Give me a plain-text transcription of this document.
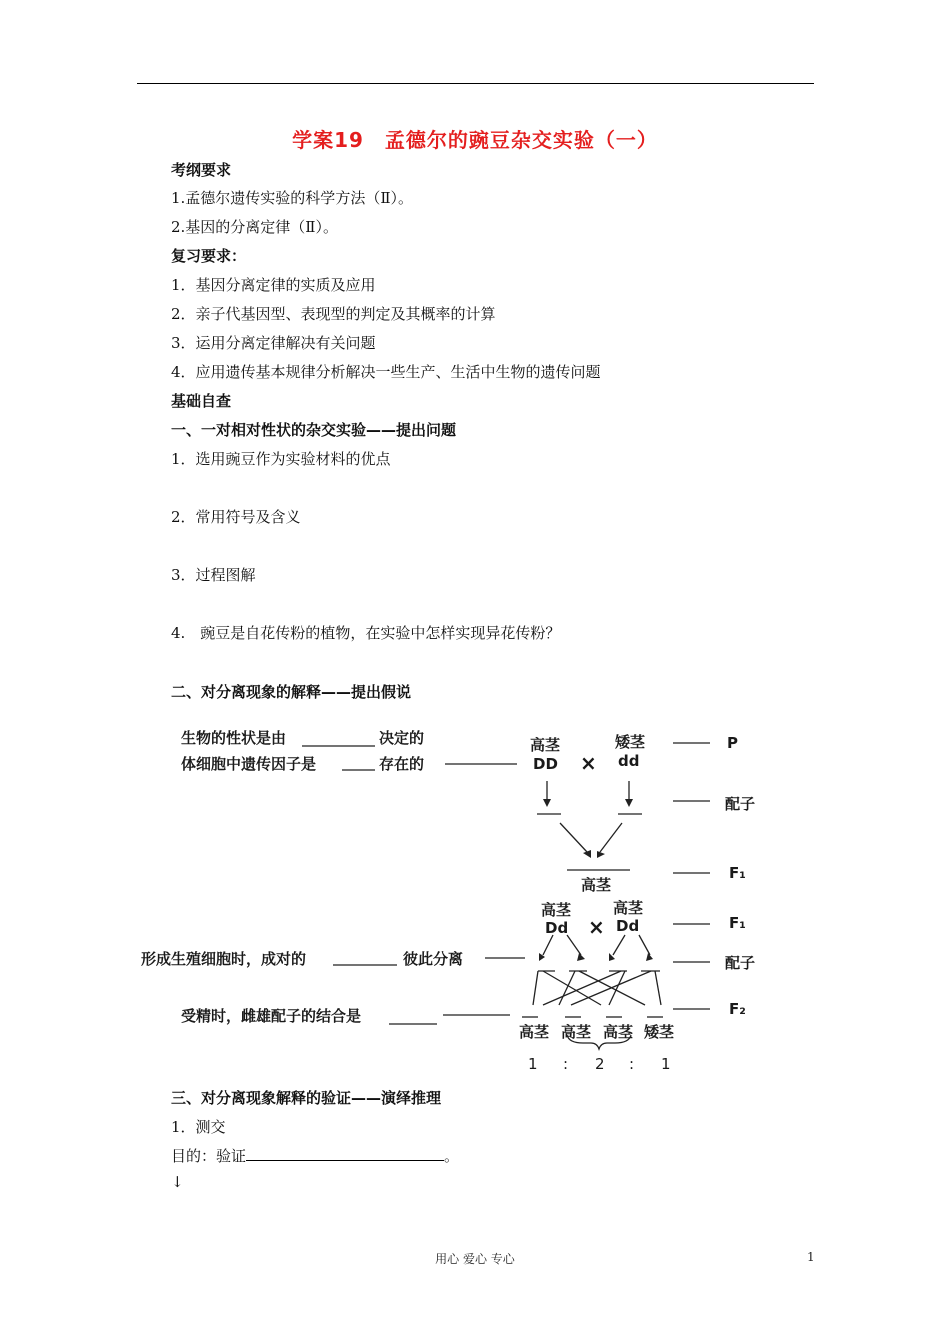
学案19　孟德尔的豌豆杂交实验（一）
考纲要求
1.孟德尔遗传实验的科学方法（Ⅱ）。
2.基因的分离定律（Ⅱ）。
复习要求：
1．基因分离定律的实质及应用
2．亲子代基因型、表现型的判定及其概率的计算
3．运用分离定律解决有关问题
4．应用遗传基本规律分析解决一些生产、生活中生物的遗传问题
基础自查
一、一对相对性状的杂交实验——提出问题
1．选用豌豆作为实验材料的优点
2．常用符号及含义
3．过程图解
4.　豌豆是自花传粉的植物，在实验中怎样实现异花传粉？
二、对分离现象的解释——提出假说
生物的性状是由	决定的
体细胞中遗传因子是	存在的
形成生殖细胞时，成对的	彼此分离
受精时，雌雄配子的结合是
高茎
DD ×
矮茎
dd
高茎
高茎
Dd ×
高茎
Dd
高茎 高茎 高茎 矮茎
1 : 2 : 1
P
配子
F₁
F₁
配子
F₂
三、对分离现象解释的验证——演绎推理
1．测交
目的：验证	。
↓
用心 爱心 专心	1
